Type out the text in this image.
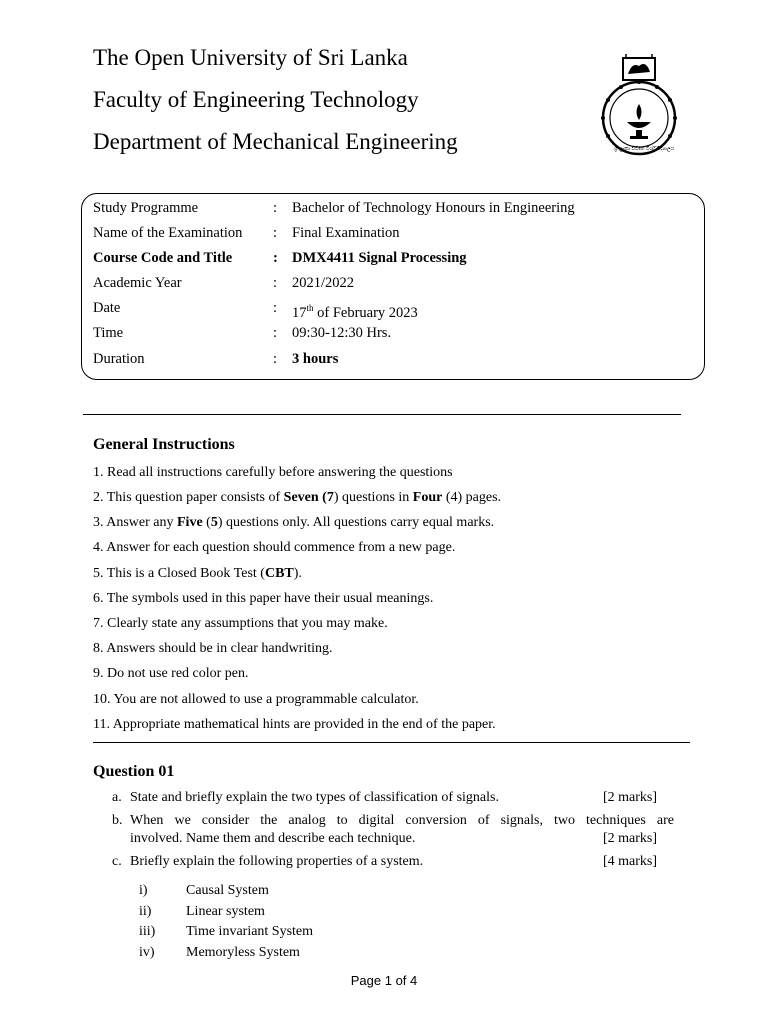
The Open University of Sri Lanka
Faculty of Engineering Technology
Department of Mechanical Engineering	ශ්‍රී ලංකා විවෘත විශ්වවිද්‍යාලය
Study Programme	: Bachelor of Technology Honours in Engineering
Name of the Examination : Final Examination
Course Code and Title	: DMX4411 Signal Processing
Academic Year	: 2021/2022
Date	: 17th of February 2023
Time	: 09:30-12:30 Hrs.
Duration	: 3 hours
General Instructions
1. Read all instructions carefully before answering the questions
2. This question paper consists of Seven (7) questions in Four (4) pages.
3. Answer any Five (5) questions only. All questions carry equal marks.
4. Answer for each question should commence from a new page.
5. This is a Closed Book Test (CBT).
6. The symbols used in this paper have their usual meanings.
7. Clearly state any assumptions that you may make.
8. Answers should be in clear handwriting.
9. Do not use red color pen.
10. You are not allowed to use a programmable calculator.
11. Appropriate mathematical hints are provided in the end of the paper.
Question 01
a. State and briefly explain the two types of classification of signals.	[2 marks]
b. When we consider the analog to digital conversion of signals, two techniques are
involved. Name them and describe each technique.	[2 marks]
c. Briefly explain the following properties of a system.	[4 marks]
i)	Causal System
ii) Linear system
iii) Time invariant System
iv) Memoryless System
Page 1 of 4
